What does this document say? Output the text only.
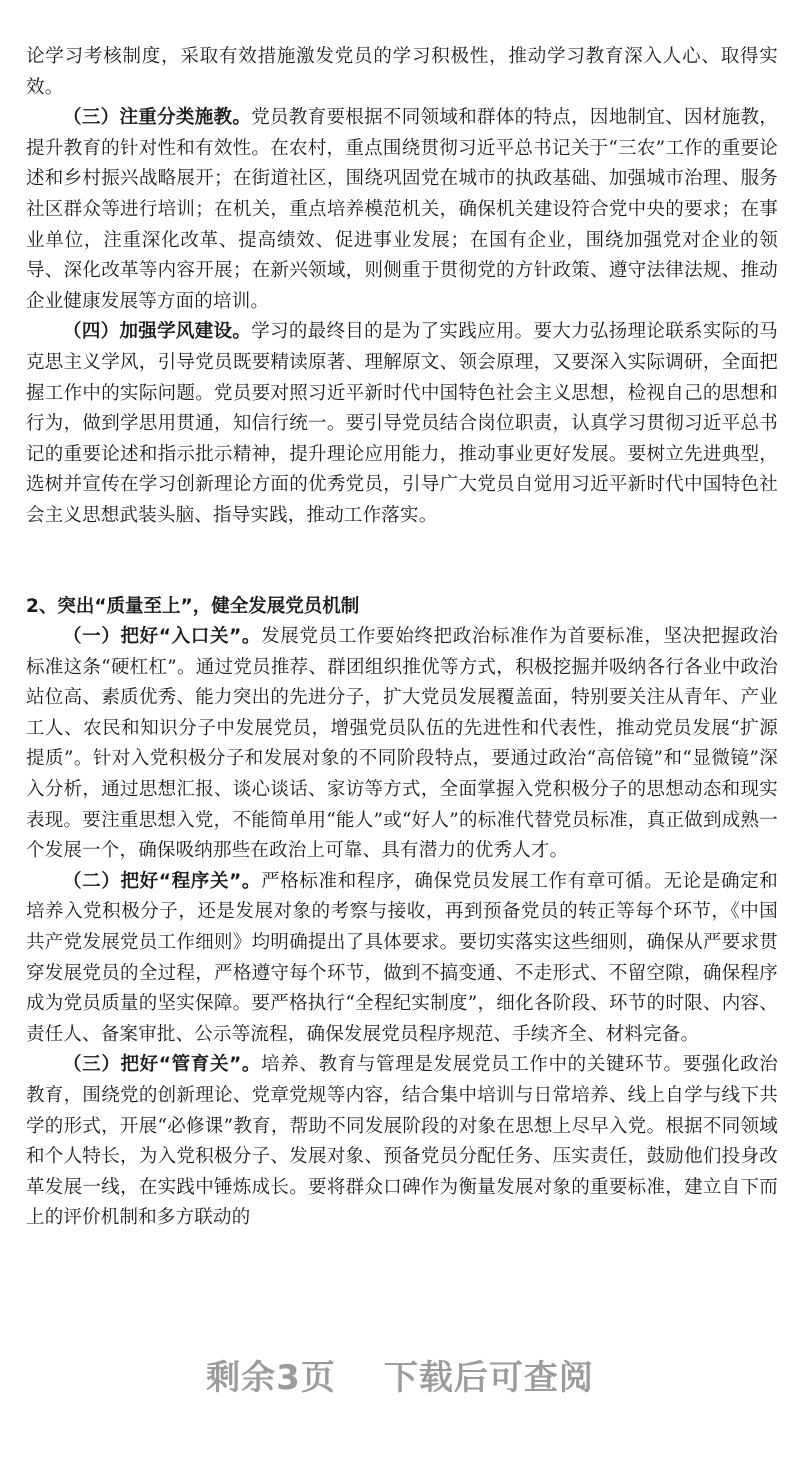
论学习考核制度，采取有效措施激发党员的学习积极性，推动学习教育深入人心、取得实效。

（三）注重分类施教。党员教育要根据不同领域和群体的特点，因地制宜、因材施教，提升教育的针对性和有效性。在农村，重点围绕贯彻习近平总书记关于“三农”工作的重要论述和乡村振兴战略展开；在街道社区，围绕巩固党在城市的执政基础、加强城市治理、服务社区群众等进行培训；在机关，重点培养模范机关，确保机关建设符合党中央的要求；在事业单位，注重深化改革、提高绩效、促进事业发展；在国有企业，围绕加强党对企业的领导、深化改革等内容开展；在新兴领域，则侧重于贯彻党的方针政策、遵守法律法规、推动企业健康发展等方面的培训。

（四）加强学风建设。学习的最终目的是为了实践应用。要大力弘扬理论联系实际的马克思主义学风，引导党员既要精读原著、理解原文、领会原理，又要深入实际调研，全面把握工作中的实际问题。党员要对照习近平新时代中国特色社会主义思想，检视自己的思想和行为，做到学思用贯通，知信行统一。要引导党员结合岗位职责，认真学习贯彻习近平总书记的重要论述和指示批示精神，提升理论应用能力，推动事业更好发展。要树立先进典型，选树并宣传在学习创新理论方面的优秀党员，引导广大党员自觉用习近平新时代中国特色社会主义思想武装头脑、指导实践，推动工作落实。

2、突出“质量至上”，健全发展党员机制

（一）把好“入口关”。发展党员工作要始终把政治标准作为首要标准，坚决把握政治标准这条“硬杠杠”。通过党员推荐、群团组织推优等方式，积极挖掘并吸纳各行各业中政治站位高、素质优秀、能力突出的先进分子，扩大党员发展覆盖面，特别要关注从青年、产业工人、农民和知识分子中发展党员，增强党员队伍的先进性和代表性，推动党员发展“扩源提质”。针对入党积极分子和发展对象的不同阶段特点，要通过政治“高倍镜”和“显微镜”深入分析，通过思想汇报、谈心谈话、家访等方式，全面掌握入党积极分子的思想动态和现实表现。要注重思想入党，不能简单用“能人”或“好人”的标准代替党员标准，真正做到成熟一个发展一个，确保吸纳那些在政治上可靠、具有潜力的优秀人才。

（二）把好“程序关”。严格标准和程序，确保党员发展工作有章可循。无论是确定和培养入党积极分子，还是发展对象的考察与接收，再到预备党员的转正等每个环节，《中国共产党发展党员工作细则》均明确提出了具体要求。要切实落实这些细则，确保从严要求贯穿发展党员的全过程，严格遵守每个环节，做到不搞变通、不走形式、不留空隙，确保程序成为党员质量的坚实保障。要严格执行“全程纪实制度”，细化各阶段、环节的时限、内容、责任人、备案审批、公示等流程，确保发展党员程序规范、手续齐全、材料完备。

（三）把好“管育关”。培养、教育与管理是发展党员工作中的关键环节。要强化政治教育，围绕党的创新理论、党章党规等内容，结合集中培训与日常培养、线上自学与线下共学的形式，开展“必修课”教育，帮助不同发展阶段的对象在思想上尽早入党。根据不同领域和个人特长，为入党积极分子、发展对象、预备党员分配任务、压实责任，鼓励他们投身改革发展一线，在实践中锤炼成长。要将群众口碑作为衡量发展对象的重要标准，建立自下而上的评价机制和多方联动的

剩余3页 下载后可查阅
